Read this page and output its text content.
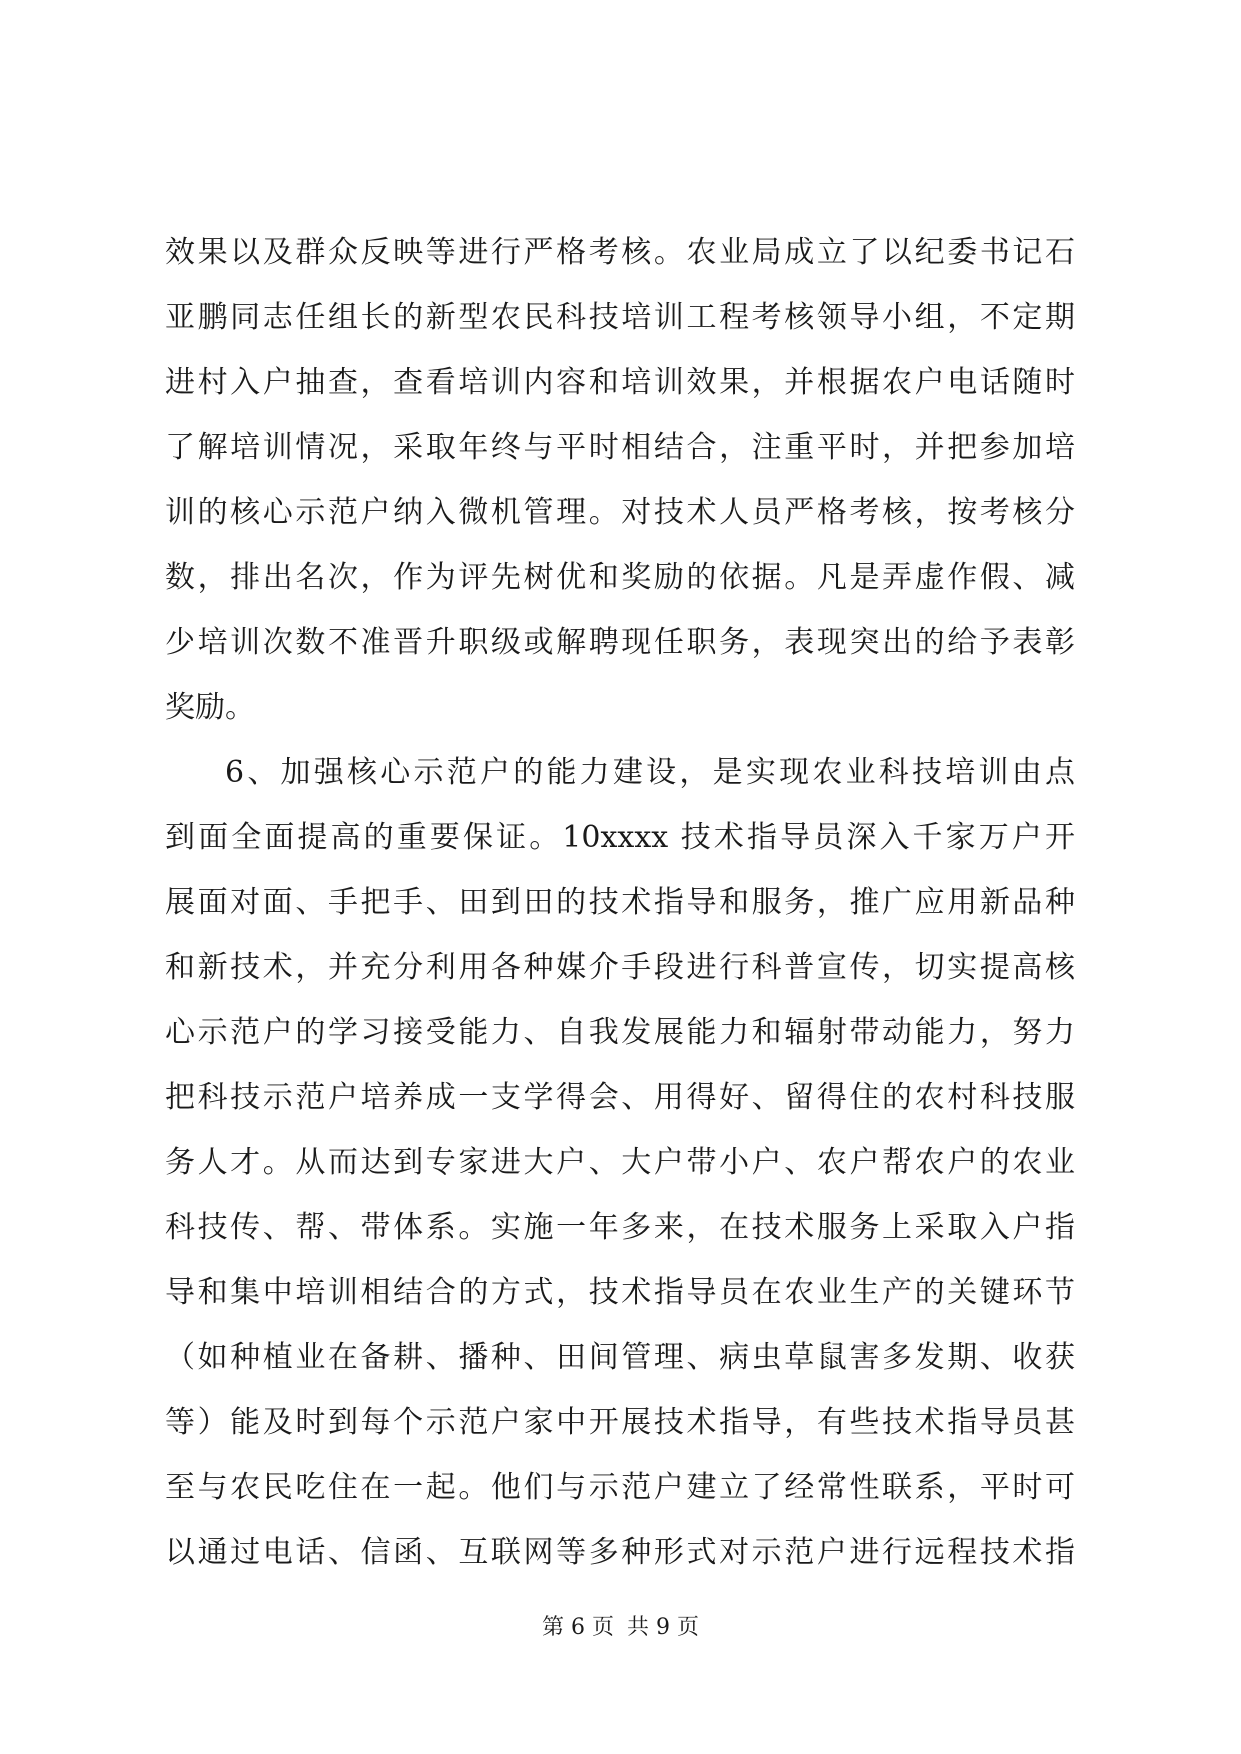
效果以及群众反映等进行严格考核。农业局成立了以纪委书记石
亚鹏同志任组长的新型农民科技培训工程考核领导小组，不定期
进村入户抽查，查看培训内容和培训效果，并根据农户电话随时
了解培训情况，采取年终与平时相结合，注重平时，并把参加培
训的核心示范户纳入微机管理。对技术人员严格考核，按考核分
数，排出名次，作为评先树优和奖励的依据。凡是弄虚作假、减
少培训次数不准晋升职级或解聘现任职务，表现突出的给予表彰
奖励。
6、加强核心示范户的能力建设，是实现农业科技培训由点
到面全面提高的重要保证。10xxxx 技术指导员深入千家万户开
展面对面、手把手、田到田的技术指导和服务，推广应用新品种
和新技术，并充分利用各种媒介手段进行科普宣传，切实提高核
心示范户的学习接受能力、自我发展能力和辐射带动能力，努力
把科技示范户培养成一支学得会、用得好、留得住的农村科技服
务人才。从而达到专家进大户、大户带小户、农户帮农户的农业
科技传、帮、带体系。实施一年多来，在技术服务上采取入户指
导和集中培训相结合的方式，技术指导员在农业生产的关键环节
（如种植业在备耕、播种、田间管理、病虫草鼠害多发期、收获
等）能及时到每个示范户家中开展技术指导，有些技术指导员甚
至与农民吃住在一起。他们与示范户建立了经常性联系，平时可
以通过电话、信函、互联网等多种形式对示范户进行远程技术指
第 6 页 共 9 页
